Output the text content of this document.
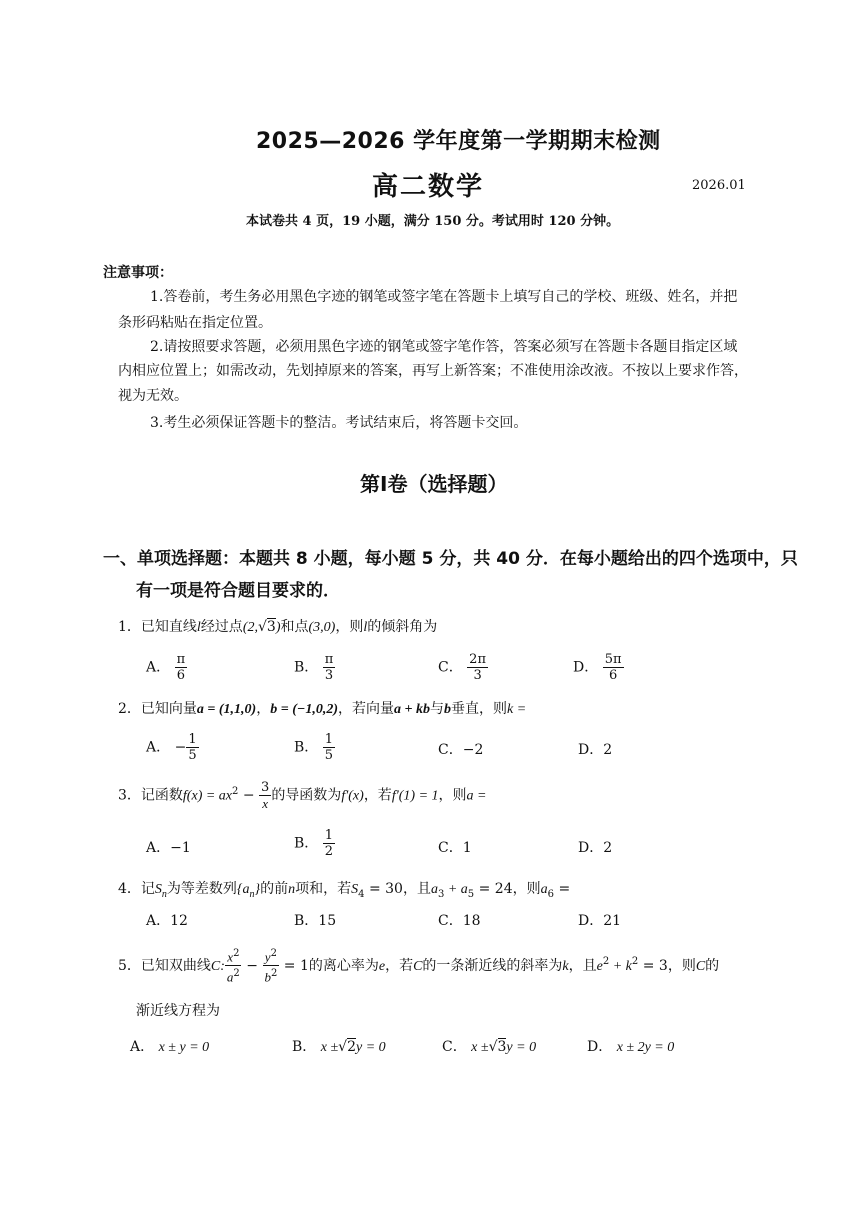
2025—2026 学年度第一学期期末检测
高二数学	2026.01
本试卷共 4 页，19 小题，满分 150 分。考试用时 120 分钟。
注意事项：
1.答卷前，考生务必用黑色字迹的钢笔或签字笔在答题卡上填写自己的学校、班级、姓名，并把
条形码粘贴在指定位置。
2.请按照要求答题，必须用黑色字迹的钢笔或签字笔作答，答案必须写在答题卡各题目指定区域
内相应位置上；如需改动，先划掉原来的答案，再写上新答案；不准使用涂改液。不按以上要求作答，
视为无效。
3.考生必须保证答题卡的整洁。考试结束后，将答题卡交回。
第I卷（选择题）
一、单项选择题：本题共 8 小题，每小题 5 分，共 40 分．在每小题给出的四个选项中，只
有一项是符合题目要求的．
1．已知直线l经过点(2,√3)和点(3,0)，则l的倾斜角为
A． $\frac{\pi}{6}$	B． $\frac{\pi}{3}$	C． $\frac{2\pi}{3}$	D． $\frac{5\pi}{6}$
2．已知向量a = (1,1,0)，b = (−1,0,2)，若向量a + kb与b垂直，则k =
A． − $\frac{1}{5}$	B． $\frac{1}{5}$	C．−2	D．2
3．记函数$f(x) = ax^2 - \frac{3}{x}$ 的导函数为f′(x)，若f′(1) = 1，则a =
A．−1	B． $\frac{1}{2}$	C．1	D．2
4．记$S_n$为等差数列$\{a_n\}$的前n项和，若$S_4 = 30$，且$a_3 + a_5 = 24$，则$a_6$ =
A．12	B．15	C．18	D．21
5．已知双曲线C: $\frac{x^2}{a^2} - \frac{y^2}{b^2} = 1$的离心率为e，若C的一条渐近线的斜率为k，且$e^2 + k^2 = 3$，则C的
渐近线方程为
A． x ± y = 0	B． x ±√2y = 0	C． x ±√3y = 0	D． x ± 2y = 0
